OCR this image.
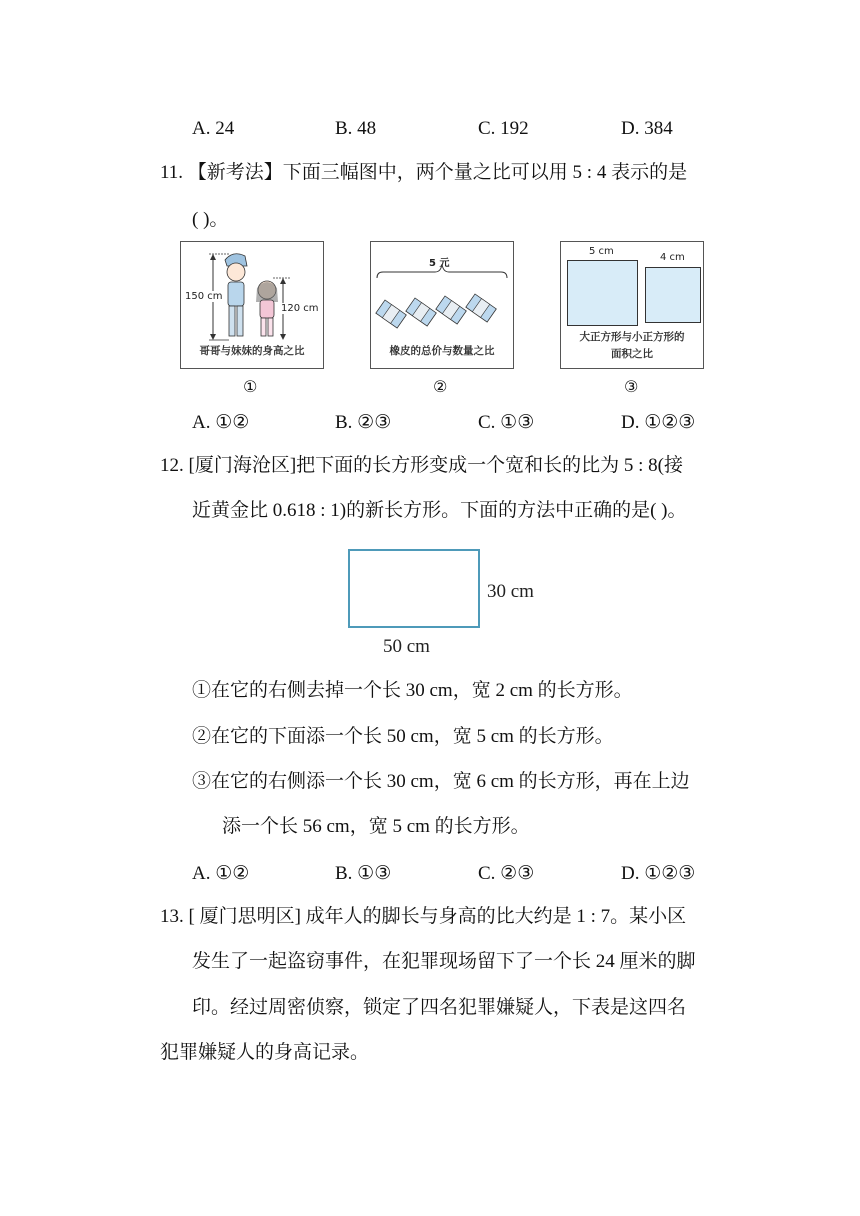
A. 24	B. 48	C. 192	D. 384
11. 【新考法】下面三幅图中，两个量之比可以用 5 : 4 表示的是
( )。
150 cm
120 cm
哥哥与妹妹的身高之比
5 元
橡皮的总价与数量之比
5 cm
4 cm
大正方形与小正方形的
面积之比
①	②	③
A. ①②	B. ②③	C. ①③	D. ①②③
12. [厦门海沧区]把下面的长方形变成一个宽和长的比为 5 : 8(接
近黄金比 0.618 : 1)的新长方形。下面的方法中正确的是( )。
30 cm
50 cm
①在它的右侧去掉一个长 30 cm，宽 2 cm 的长方形。
②在它的下面添一个长 50 cm，宽 5 cm 的长方形。
③在它的右侧添一个长 30 cm，宽 6 cm 的长方形，再在上边
添一个长 56 cm，宽 5 cm 的长方形。
A. ①②	B. ①③	C. ②③	D. ①②③
13. [ 厦门思明区] 成年人的脚长与身高的比大约是 1 : 7。某小区
发生了一起盗窃事件，在犯罪现场留下了一个长 24 厘米的脚
印。经过周密侦察，锁定了四名犯罪嫌疑人，下表是这四名
犯罪嫌疑人的身高记录。
